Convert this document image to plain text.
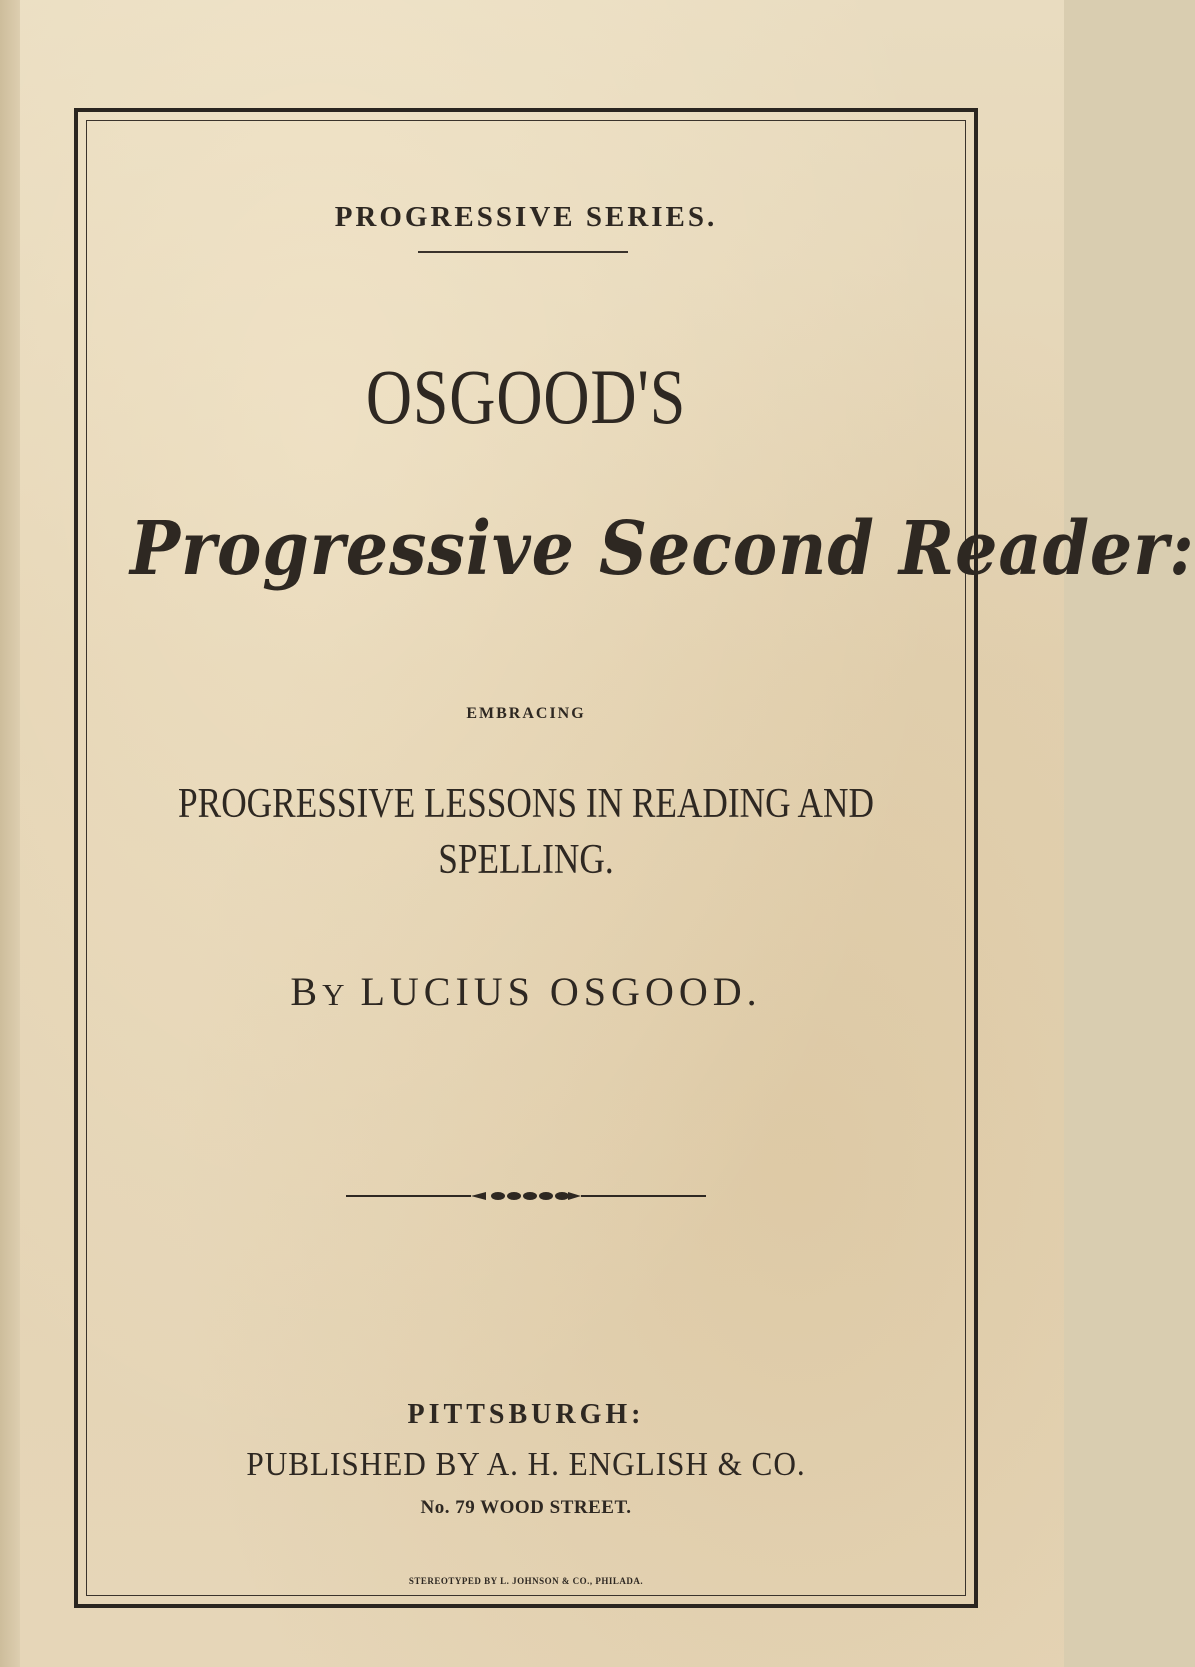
PROGRESSIVE SERIES.
OSGOOD'S
Progressive Second Reader:
EMBRACING
PROGRESSIVE LESSONS IN READING AND
SPELLING.
BY LUCIUS OSGOOD.
PITTSBURGH:
PUBLISHED BY A. H. ENGLISH & CO.
No. 79 WOOD STREET.
STEREOTYPED BY L. JOHNSON & CO., PHILADA.
